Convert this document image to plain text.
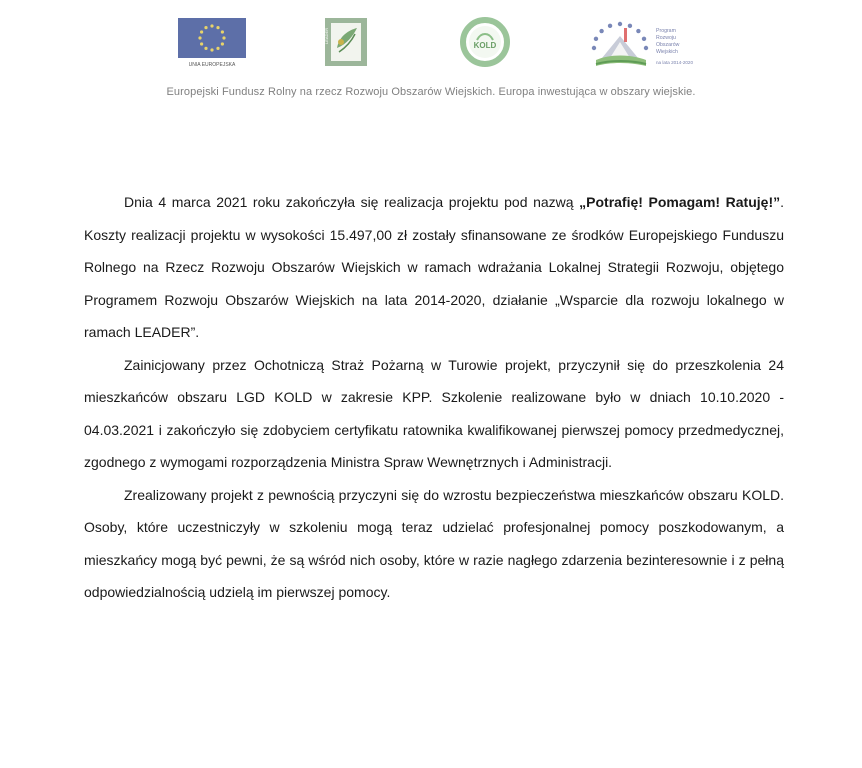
UNIA EUROPEJSKA
LEADER
KOLD
Program
Rozwoju
Obszarów
Wiejskich
na lata 2014-2020
Europejski Fundusz Rolny na rzecz Rozwoju Obszarów Wiejskich. Europa inwestująca w obszary wiejskie.

Dnia 4 marca 2021 roku zakończyła się realizacja projektu pod nazwą „Potrafię! Pomagam! Ratuję!”. Koszty realizacji projektu w wysokości 15.497,00 zł zostały sfinansowane ze środków Europejskiego Funduszu Rolnego na Rzecz Rozwoju Obszarów Wiejskich w ramach wdrażania Lokalnej Strategii Rozwoju, objętego Programem Rozwoju Obszarów Wiejskich na lata 2014-2020, działanie „Wsparcie dla rozwoju lokalnego w ramach LEADER”.

Zainicjowany przez Ochotniczą Straż Pożarną w Turowie projekt, przyczynił się do przeszkolenia 24 mieszkańców obszaru LGD KOLD w zakresie KPP. Szkolenie realizowane było w dniach 10.10.2020 - 04.03.2021 i zakończyło się zdobyciem certyfikatu ratownika kwalifikowanej pierwszej pomocy przedmedycznej, zgodnego z wymogami rozporządzenia Ministra Spraw Wewnętrznych i Administracji.

Zrealizowany projekt z pewnością przyczyni się do wzrostu bezpieczeństwa mieszkańców obszaru KOLD. Osoby, które uczestniczyły w szkoleniu mogą teraz udzielać profesjonalnej pomocy poszkodowanym, a mieszkańcy mogą być pewni, że są wśród nich osoby, które w razie nagłego zdarzenia bezinteresownie i z pełną odpowiedzialnością udzielą im pierwszej pomocy.
